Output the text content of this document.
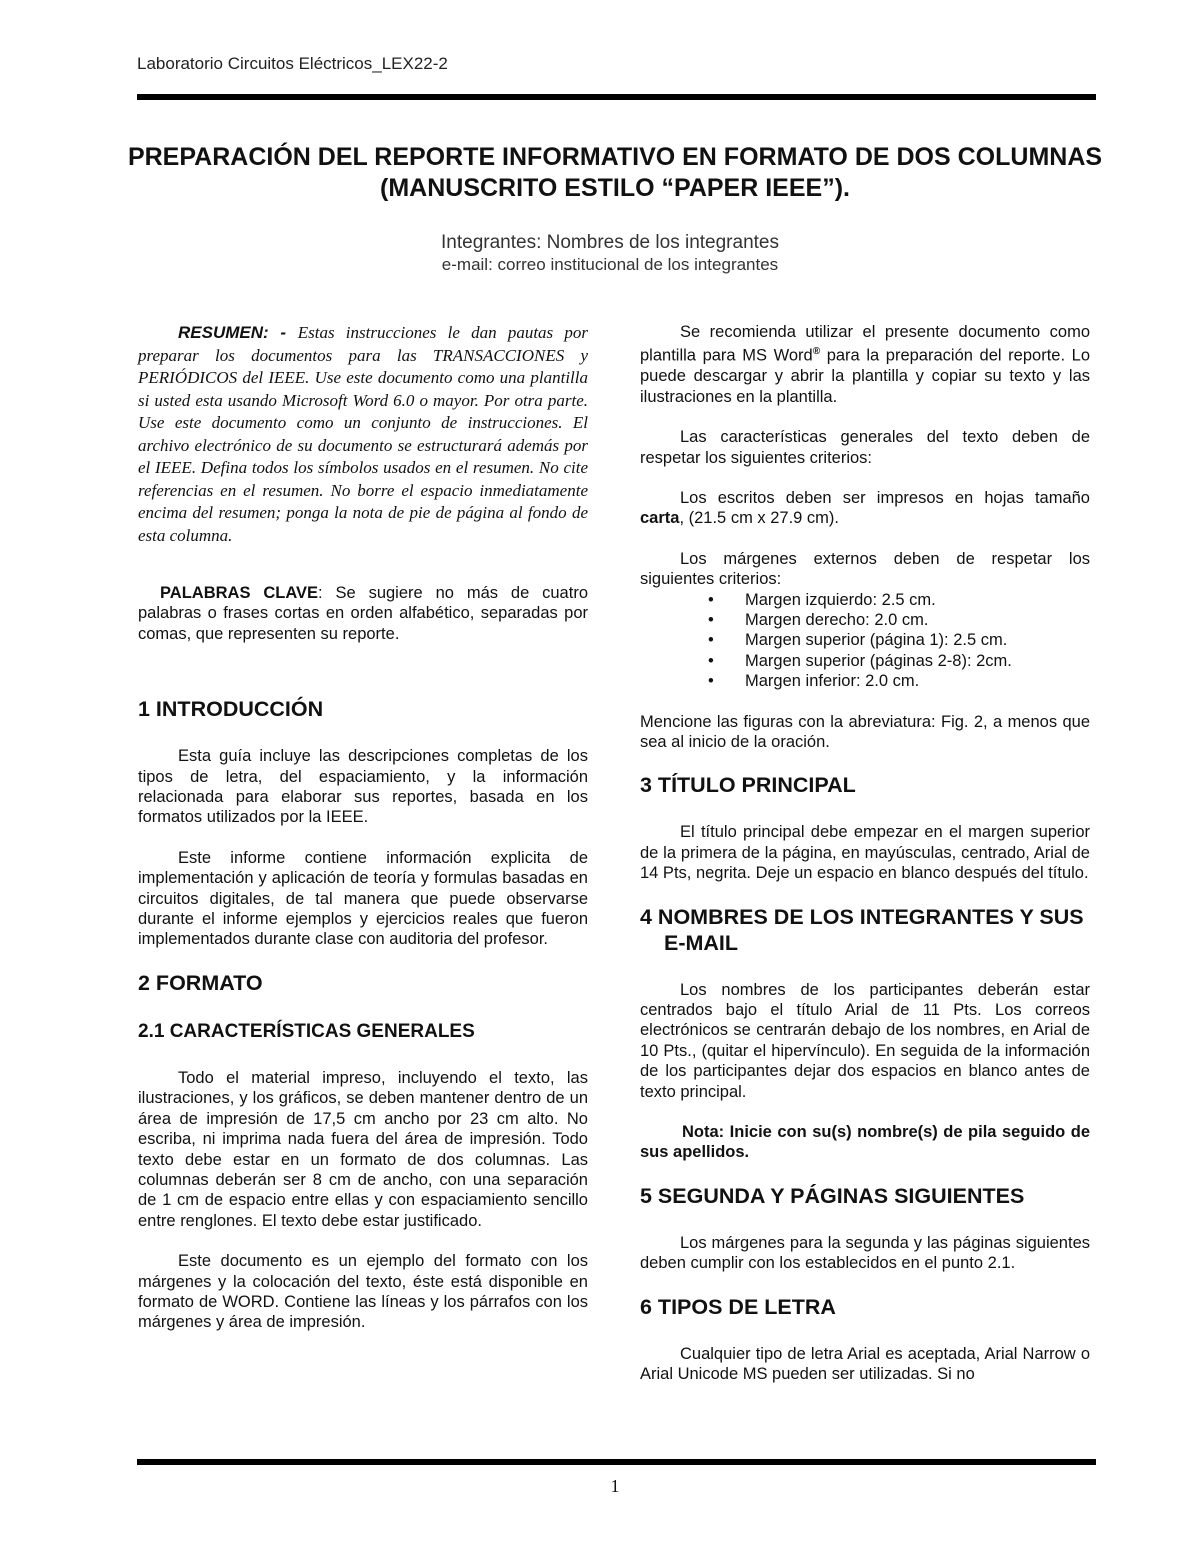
Laboratorio Circuitos Eléctricos_LEX22-2
PREPARACIÓN DEL REPORTE INFORMATIVO EN FORMATO DE DOS COLUMNAS (MANUSCRITO ESTILO “PAPER IEEE”).
Integrantes: Nombres de los integrantes
e-mail: correo institucional de los integrantes

RESUMEN: - Estas instrucciones le dan pautas por preparar los documentos para las TRANSACCIONES y PERIÓDICOS del IEEE. Use este documento como una plantilla si usted esta usando Microsoft Word 6.0 o mayor. Por otra parte. Use este documento como un conjunto de instrucciones. El archivo electrónico de su documento se estructurará además por el IEEE. Defina todos los símbolos usados en el resumen. No cite referencias en el resumen. No borre el espacio inmediatamente encima del resumen; ponga la nota de pie de página al fondo de esta columna.

PALABRAS CLAVE: Se sugiere no más de cuatro palabras o frases cortas en orden alfabético, separadas por comas, que representen su reporte.

1 INTRODUCCIÓN

Esta guía incluye las descripciones completas de los tipos de letra, del espaciamiento, y la información relacionada para elaborar sus reportes, basada en los formatos utilizados por la IEEE.

Este informe contiene información explicita de implementación y aplicación de teoría y formulas basadas en circuitos digitales, de tal manera que puede observarse durante el informe ejemplos y ejercicios reales que fueron implementados durante clase con auditoria del profesor.

2 FORMATO
2.1 CARACTERÍSTICAS GENERALES

Todo el material impreso, incluyendo el texto, las ilustraciones, y los gráficos, se deben mantener dentro de un área de impresión de 17,5 cm ancho por 23 cm alto. No escriba, ni imprima nada fuera del área de impresión. Todo texto debe estar en un formato de dos columnas. Las columnas deberán ser 8 cm de ancho, con una separación de 1 cm de espacio entre ellas y con espaciamiento sencillo entre renglones. El texto debe estar justificado.

Este documento es un ejemplo del formato con los márgenes y la colocación del texto, éste está disponible en formato de WORD. Contiene las líneas y los párrafos con los márgenes y área de impresión.

Se recomienda utilizar el presente documento como plantilla para MS Word® para la preparación del reporte. Lo puede descargar y abrir la plantilla y copiar su texto y las ilustraciones en la plantilla.

Las características generales del texto deben de respetar los siguientes criterios:

Los escritos deben ser impresos en hojas tamaño carta, (21.5 cm x 27.9 cm).

Los márgenes externos deben de respetar los siguientes criterios:

• Margen izquierdo: 2.5 cm.
• Margen derecho: 2.0 cm.
• Margen superior (página 1): 2.5 cm.
• Margen superior (páginas 2-8): 2cm.
• Margen inferior: 2.0 cm.

Mencione las figuras con la abreviatura: Fig. 2, a menos que sea al inicio de la oración.

3 TÍTULO PRINCIPAL

El título principal debe empezar en el margen superior de la primera de la página, en mayúsculas, centrado, Arial de 14 Pts, negrita. Deje un espacio en blanco después del título.

4 NOMBRES DE LOS INTEGRANTES Y SUS E-MAIL

Los nombres de los participantes deberán estar centrados bajo el título Arial de 11 Pts. Los correos electrónicos se centrarán debajo de los nombres, en Arial de 10 Pts., (quitar el hipervínculo). En seguida de la información de los participantes dejar dos espacios en blanco antes de texto principal.

Nota: Inicie con su(s) nombre(s) de pila seguido de sus apellidos.

5 SEGUNDA Y PÁGINAS SIGUIENTES

Los márgenes para la segunda y las páginas siguientes deben cumplir con los establecidos en el punto 2.1.

6 TIPOS DE LETRA

Cualquier tipo de letra Arial es aceptada, Arial Narrow o Arial Unicode MS pueden ser utilizadas. Si no

1
